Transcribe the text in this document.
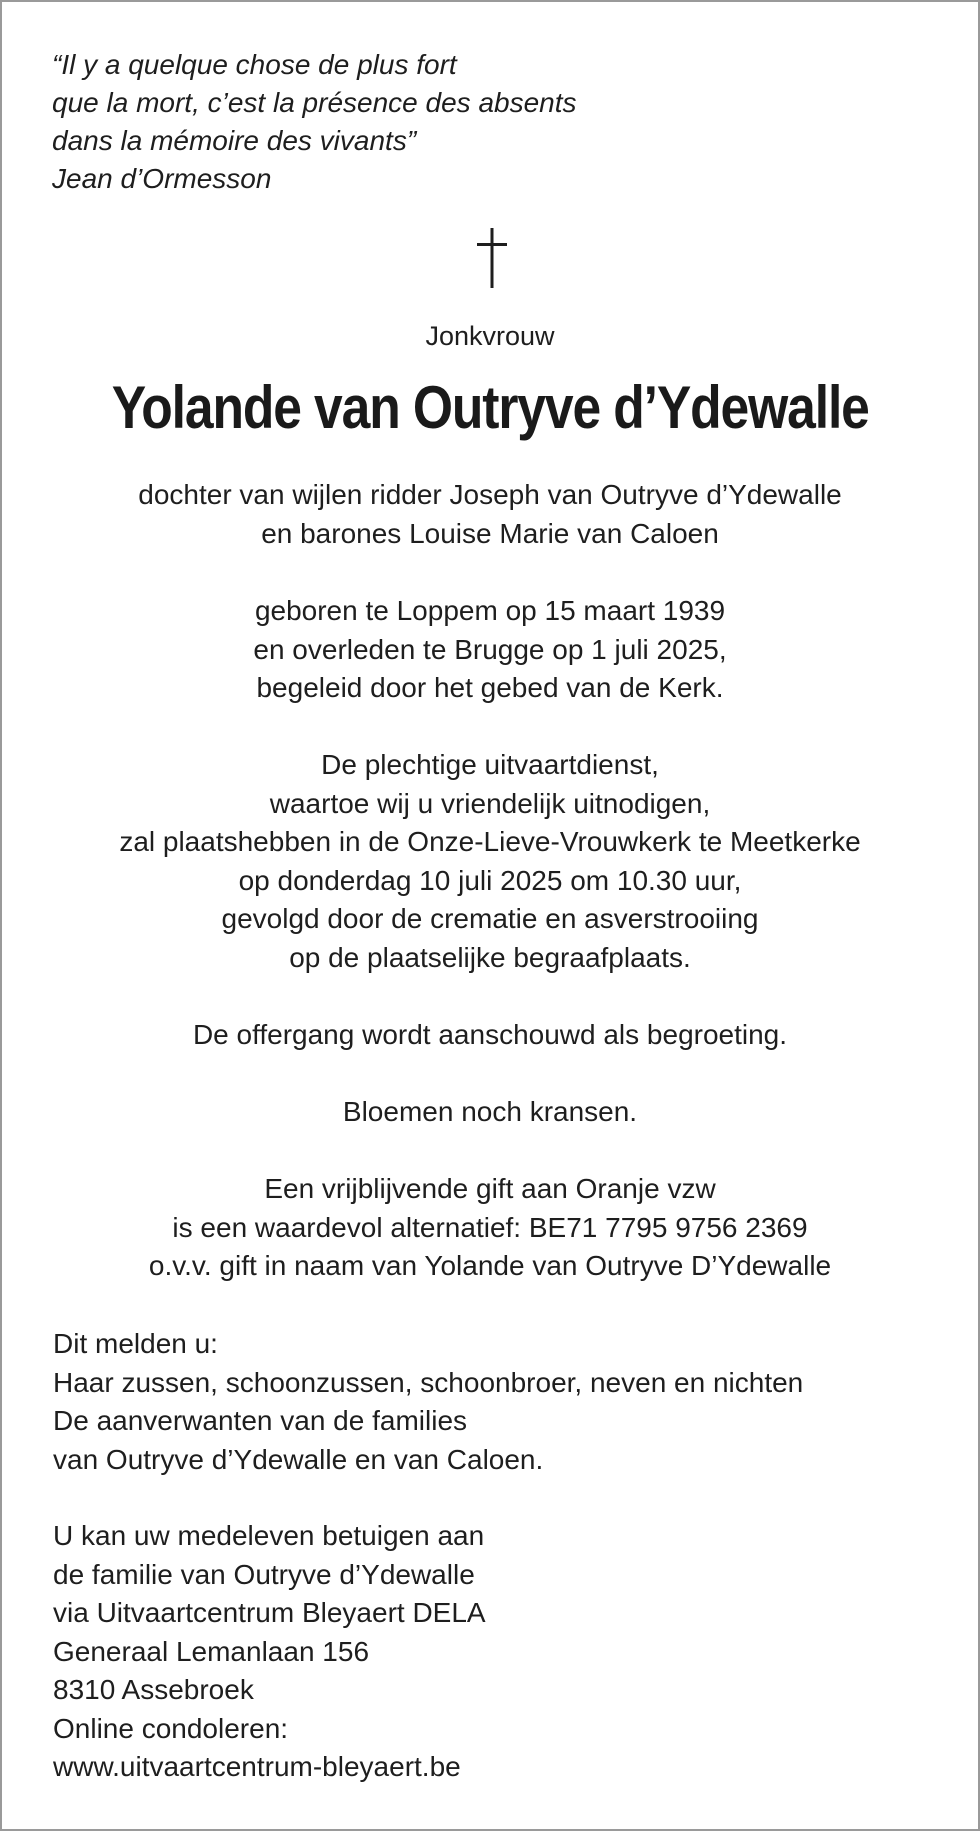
“Il y a quelque chose de plus fort
que la mort, c’est la présence des absents
dans la mémoire des vivants”
Jean d’Ormesson
Jonkvrouw
Yolande van Outryve d’Ydewalle
dochter van wijlen ridder Joseph van Outryve d’Ydewalle
en barones Louise Marie van Caloen
geboren te Loppem op 15 maart 1939
en overleden te Brugge op 1 juli 2025,
begeleid door het gebed van de Kerk.
De plechtige uitvaartdienst,
waartoe wij u vriendelijk uitnodigen,
zal plaatshebben in de Onze-Lieve-Vrouwkerk te Meetkerke
op donderdag 10 juli 2025 om 10.30 uur,
gevolgd door de crematie en asverstrooiing
op de plaatselijke begraafplaats.
De offergang wordt aanschouwd als begroeting.
Bloemen noch kransen.
Een vrijblijvende gift aan Oranje vzw
is een waardevol alternatief: BE71 7795 9756 2369
o.v.v. gift in naam van Yolande van Outryve D’Ydewalle
Dit melden u:
Haar zussen, schoonzussen, schoonbroer, neven en nichten
De aanverwanten van de families
van Outryve d’Ydewalle en van Caloen.
U kan uw medeleven betuigen aan
de familie van Outryve d’Ydewalle
via Uitvaartcentrum Bleyaert DELA
Generaal Lemanlaan 156
8310 Assebroek
Online condoleren:
www.uitvaartcentrum-bleyaert.be
